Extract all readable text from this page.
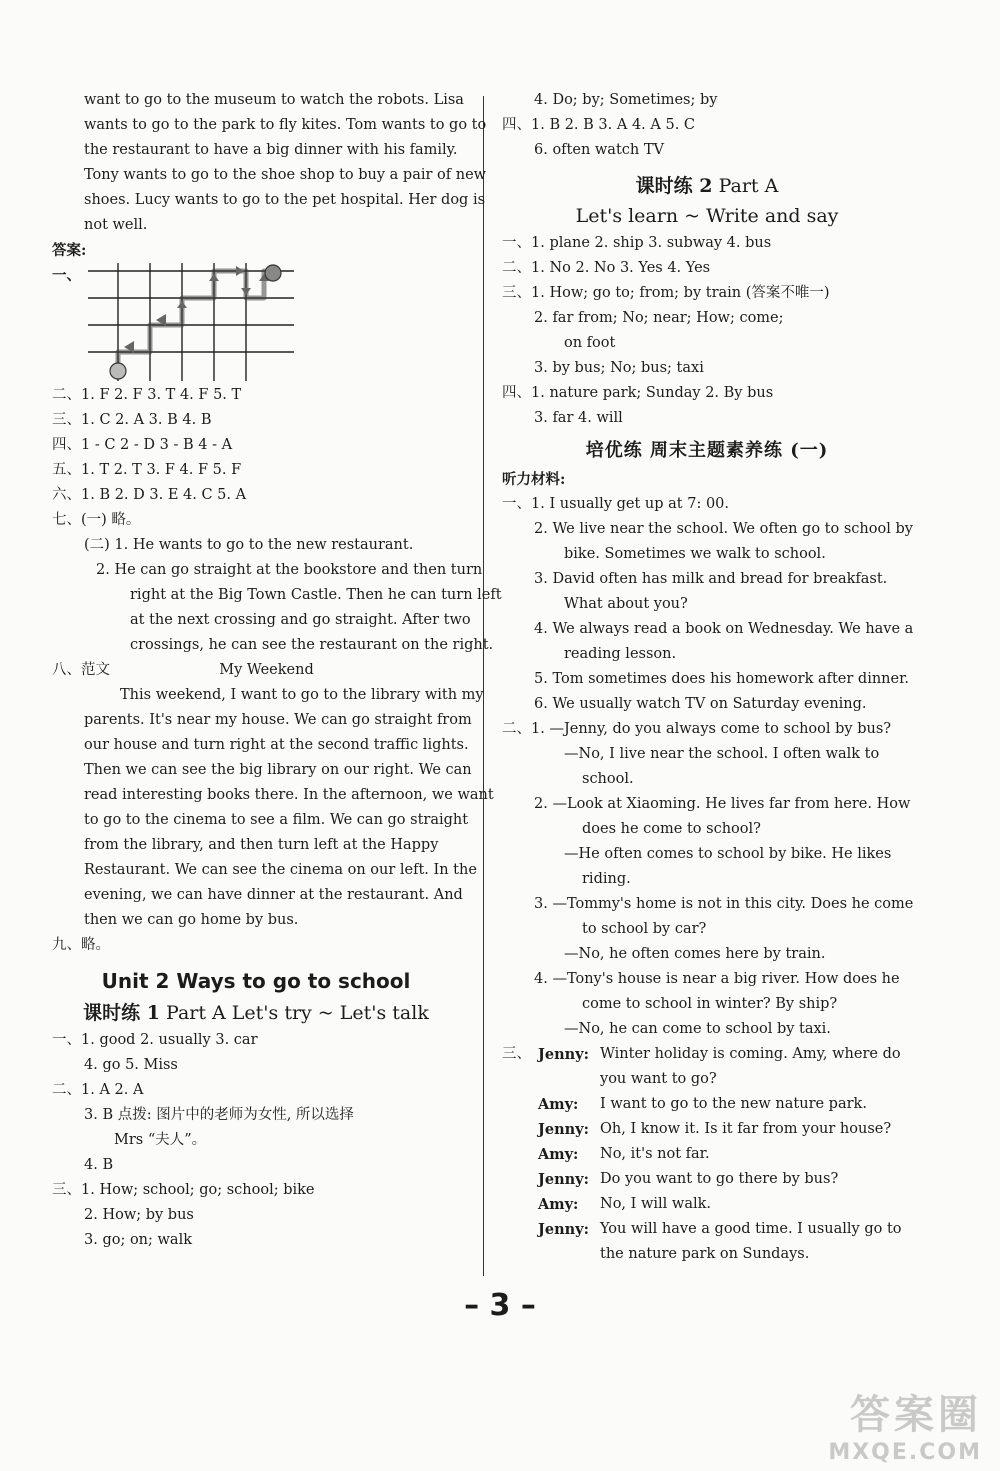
want to go to the museum to watch the robots. Lisa
wants to go to the park to fly kites. Tom wants to go to
the restaurant to have a big dinner with his family.
Tony wants to go to the shoe shop to buy a pair of new
shoes. Lucy wants to go to the pet hospital. Her dog is
not well.
答案:
一、
二、1. F 2. F 3. T 4. F 5. T
三、1. C 2. A 3. B 4. B
四、1 - C 2 - D 3 - B 4 - A
五、1. T 2. T 3. F 4. F 5. F
六、1. B 2. D 3. E 4. C 5. A
七、(一) 略。
(二) 1. He wants to go to the new restaurant.
2. He can go straight at the bookstore and then turn
right at the Big Town Castle. Then he can turn left
at the next crossing and go straight. After two
crossings, he can see the restaurant on the right.
八、范文	My Weekend
This weekend, I want to go to the library with my
parents. It's near my house. We can go straight from
our house and turn right at the second traffic lights.
Then we can see the big library on our right. We can
read interesting books there. In the afternoon, we want
to go to the cinema to see a film. We can go straight
from the library, and then turn left at the Happy
Restaurant. We can see the cinema on our left. In the
evening, we can have dinner at the restaurant. And
then we can go home by bus.
九、略。
Unit 2 Ways to go to school
课时练 1 Part A Let's try ~ Let's talk
一、1. good 2. usually 3. car
4. go 5. Miss
二、1. A 2. A
3. B 点拨: 图片中的老师为女性, 所以选择
Mrs “夫人”。
4. B
三、1. How; school; go; school; bike
2. How; by bus
3. go; on; walk
4. Do; by; Sometimes; by
四、1. B 2. B 3. A 4. A 5. C
6. often watch TV
课时练 2 Part A
Let's learn ~ Write and say
一、1. plane 2. ship 3. subway 4. bus
二、1. No 2. No 3. Yes 4. Yes
三、1. How; go to; from; by train (答案不唯一)
2. far from; No; near; How; come;
on foot
3. by bus; No; bus; taxi
四、1. nature park; Sunday 2. By bus
3. far 4. will
培优练 周末主题素养练 (一)
听力材料:
一、1. I usually get up at 7: 00.
2. We live near the school. We often go to school by
bike. Sometimes we walk to school.
3. David often has milk and bread for breakfast.
What about you?
4. We always read a book on Wednesday. We have a
reading lesson.
5. Tom sometimes does his homework after dinner.
6. We usually watch TV on Saturday evening.
二、1. —Jenny, do you always come to school by bus?
—No, I live near the school. I often walk to
school.
2. —Look at Xiaoming. He lives far from here. How
does he come to school?
—He often comes to school by bike. He likes
riding.
3. —Tommy's home is not in this city. Does he come
to school by car?
—No, he often comes here by train.
4. —Tony's house is near a big river. How does he
come to school in winter? By ship?
—No, he can come to school by taxi.
三、 Jenny: Winter holiday is coming. Amy, where do you want to go?
Amy:	I want to go to the new nature park.
Jenny: Oh, I know it. Is it far from your house?
Amy:	No, it's not far.
Jenny: Do you want to go there by bus?
Amy:	No, I will walk.
Jenny: You will have a good time. I usually go to the nature park on Sundays.
– 3 –
答案圈
MXQE.COM
